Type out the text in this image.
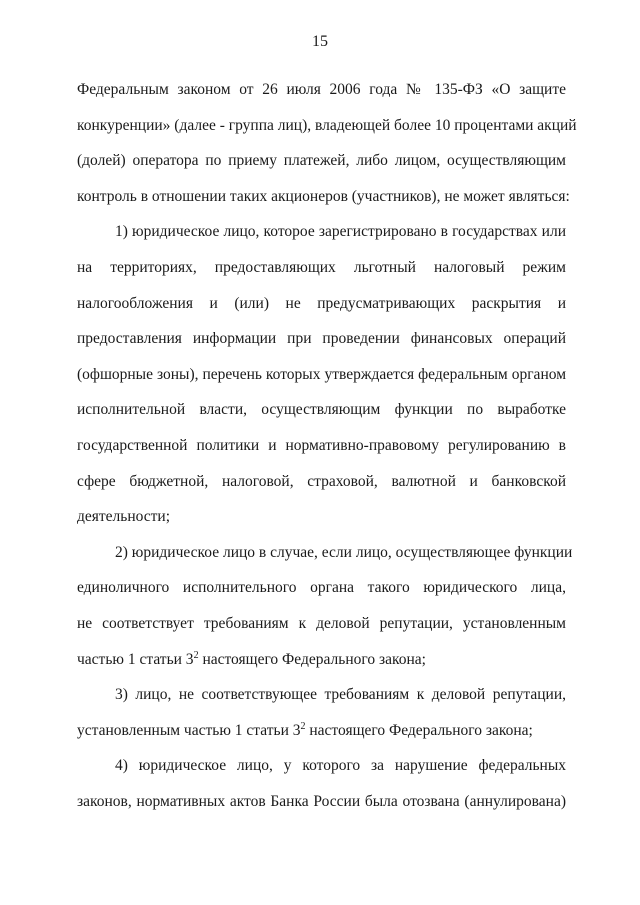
15
Федеральным законом от 26 июля 2006 года № 135-ФЗ «О защите
конкуренции» (далее - группа лиц), владеющей более 10 процентами акций
(долей) оператора по приему платежей, либо лицом, осуществляющим
контроль в отношении таких акционеров (участников), не может являться:
1) юридическое лицо, которое зарегистрировано в государствах или
на территориях, предоставляющих льготный налоговый режим
налогообложения и (или) не предусматривающих раскрытия и
предоставления информации при проведении финансовых операций
(офшорные зоны), перечень которых утверждается федеральным органом
исполнительной власти, осуществляющим функции по выработке
государственной политики и нормативно-правовому регулированию в
сфере бюджетной, налоговой, страховой, валютной и банковской
деятельности;
2) юридическое лицо в случае, если лицо, осуществляющее функции
единоличного исполнительного органа такого юридического лица,
не соответствует требованиям к деловой репутации, установленным
частью 1 статьи $3^2$ настоящего Федерального закона;
3) лицо, не соответствующее требованиям к деловой репутации,
установленным частью 1 статьи $3^2$ настоящего Федерального закона;
4) юридическое лицо, у которого за нарушение федеральных
законов, нормативных актов Банка России была отозвана (аннулирована)
